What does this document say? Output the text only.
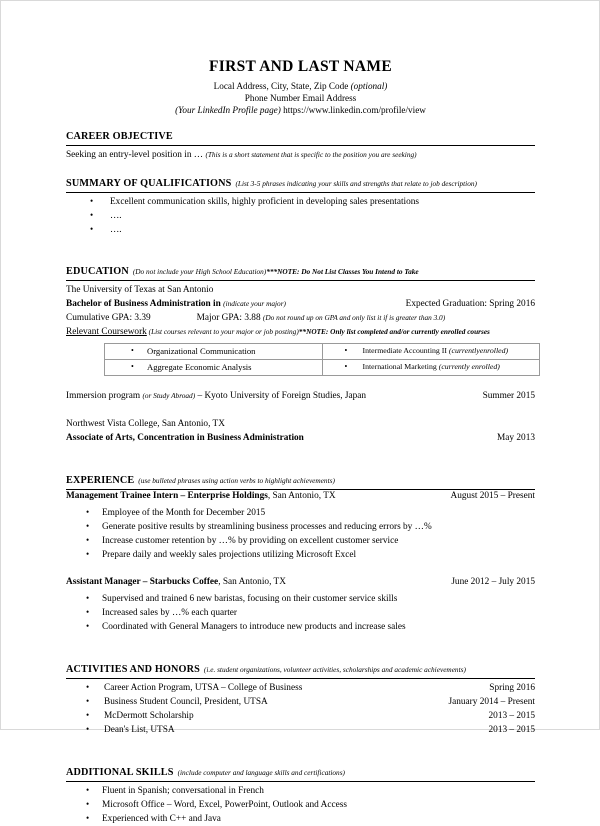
FIRST AND LAST NAME
Local Address, City, State, Zip Code (optional)
Phone Number Email Address
(Your LinkedIn Profile page) https://www.linkedin.com/profile/view
CAREER OBJECTIVE
Seeking an entry-level position in … (This is a short statement that is specific to the position you are seeking)
SUMMARY OF QUALIFICATIONS (List 3-5 phrases indicating your skills and strengths that relate to job description)
• Excellent communication skills, highly proficient in developing sales presentations
• ….
• ….
EDUCATION (Do not include your High School Education)***NOTE: Do Not List Classes You Intend to Take
The University of Texas at San Antonio
Bachelor of Business Administration in (indicate your major)	Expected Graduation: Spring 2016
Cumulative GPA: 3.39	Major GPA: 3.88 (Do not round up on GPA and only list it if is greater than 3.0)
Relevant Coursework (List courses relevant to your major or job posting)**NOTE: Only list completed and/or currently enrolled courses
• Organizational Communication	• Intermediate Accounting II (currentlyenrolled)

• Aggregate Economic Analysis	• International Marketing (currently enrolled)
Immersion program (or Study Abroad) – Kyoto University of Foreign Studies, Japan	Summer 2015
Northwest Vista College, San Antonio, TX
Associate of Arts, Concentration in Business Administration	May 2013
EXPERIENCE (use bulleted phrases using action verbs to highlight achievements)
Management Trainee Intern – Enterprise Holdings, San Antonio, TX	August 2015 – Present
• Employee of the Month for December 2015
• Generate positive results by streamlining business processes and reducing errors by …%
• Increase customer retention by …% by providing on excellent customer service
• Prepare daily and weekly sales projections utilizing Microsoft Excel
Assistant Manager – Starbucks Coffee, San Antonio, TX	June 2012 – July 2015
• Supervised and trained 6 new baristas, focusing on their customer service skills
• Increased sales by …% each quarter
• Coordinated with General Managers to introduce new products and increase sales
ACTIVITIES AND HONORS (i.e. student organizations, volunteer activities, scholarships and academic achievements)
• Career Action Program, UTSA – College of Business	Spring 2016
• Business Student Council, President, UTSA	January 2014 – Present
• McDermott Scholarship	2013 – 2015
• Dean's List, UTSA	2013 – 2015
ADDITIONAL SKILLS (include computer and language skills and certifications)
• Fluent in Spanish; conversational in French
• Microsoft Office – Word, Excel, PowerPoint, Outlook and Access
• Experienced with C++ and Java
